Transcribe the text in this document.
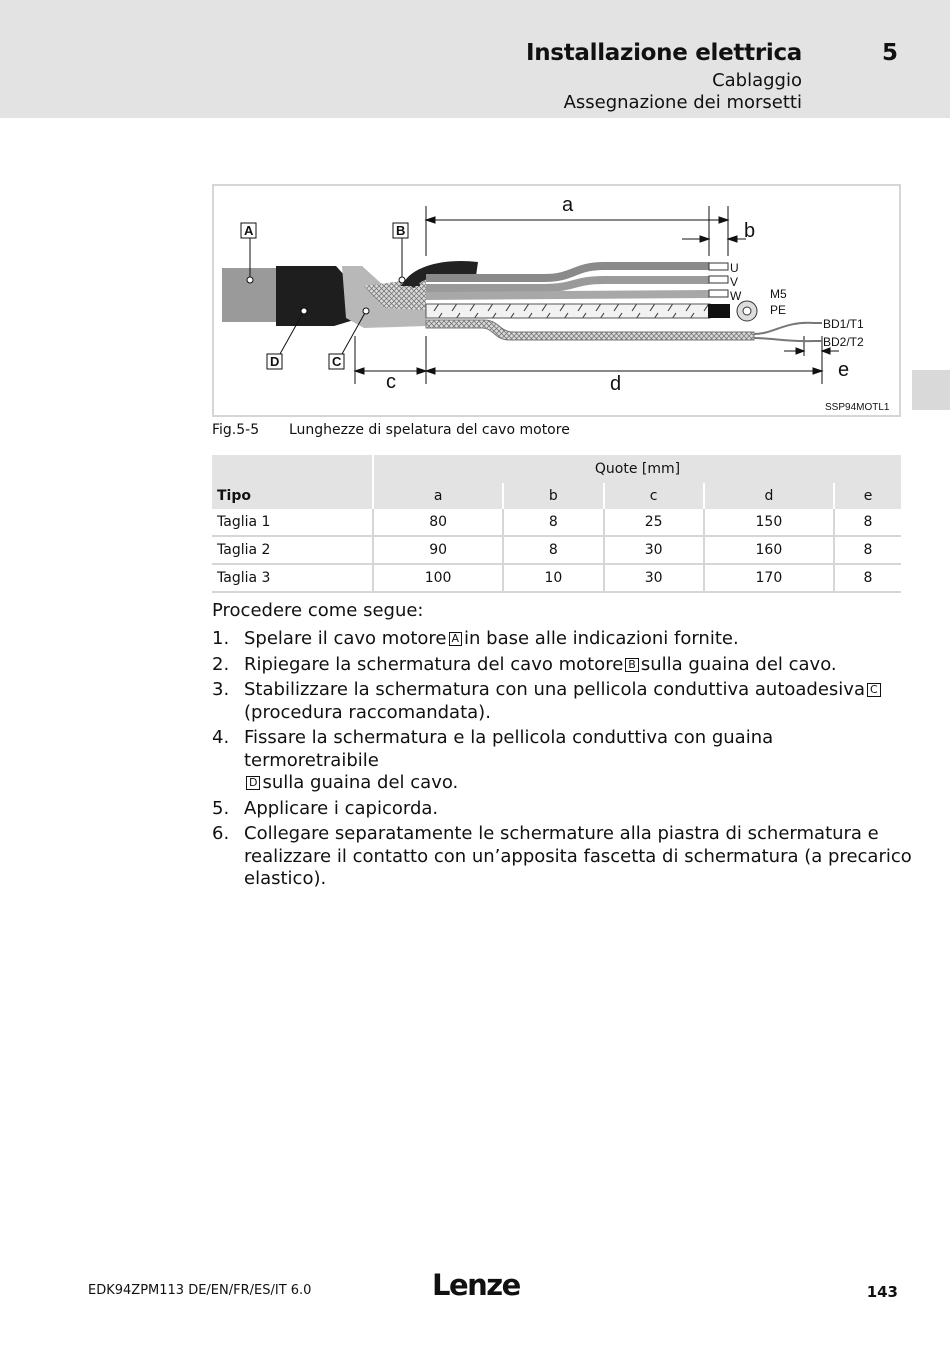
Installazione elettrica	5
Cablaggio
Assegnazione dei morsetti
A	B
D	C
a
b
c	d
e
U
V
W M5
PE
BD1/T1
BD2/T2
SSP94MOTL1
Fig.5-5 Lunghezze di spelatura del cavo motore
	Quote [mm]				
Tipo	a	b	c	d	e
Taglia 1	80	8	25	150	8
Taglia 2	90	8	30	160	8
Taglia 3	100	10	30	170	8
Procedere come segue:
1. Spelare il cavo motore A in base alle indicazioni fornite.
2. Ripiegare la schermatura del cavo motore B sulla guaina del cavo.
3. Stabilizzare la schermatura con una pellicola conduttiva autoadesiva C
(procedura raccomandata).
4. Fissare la schermatura e la pellicola conduttiva con guaina termoretraibile
D sulla guaina del cavo.
5. Applicare i capicorda.
6. Collegare separatamente le schermature alla piastra di schermatura e realizzare il contatto con un’apposita fascetta di schermatura (a precarico elastico).
EDK94ZPM113 DE/EN/FR/ES/IT 6.0	Lenze	143
